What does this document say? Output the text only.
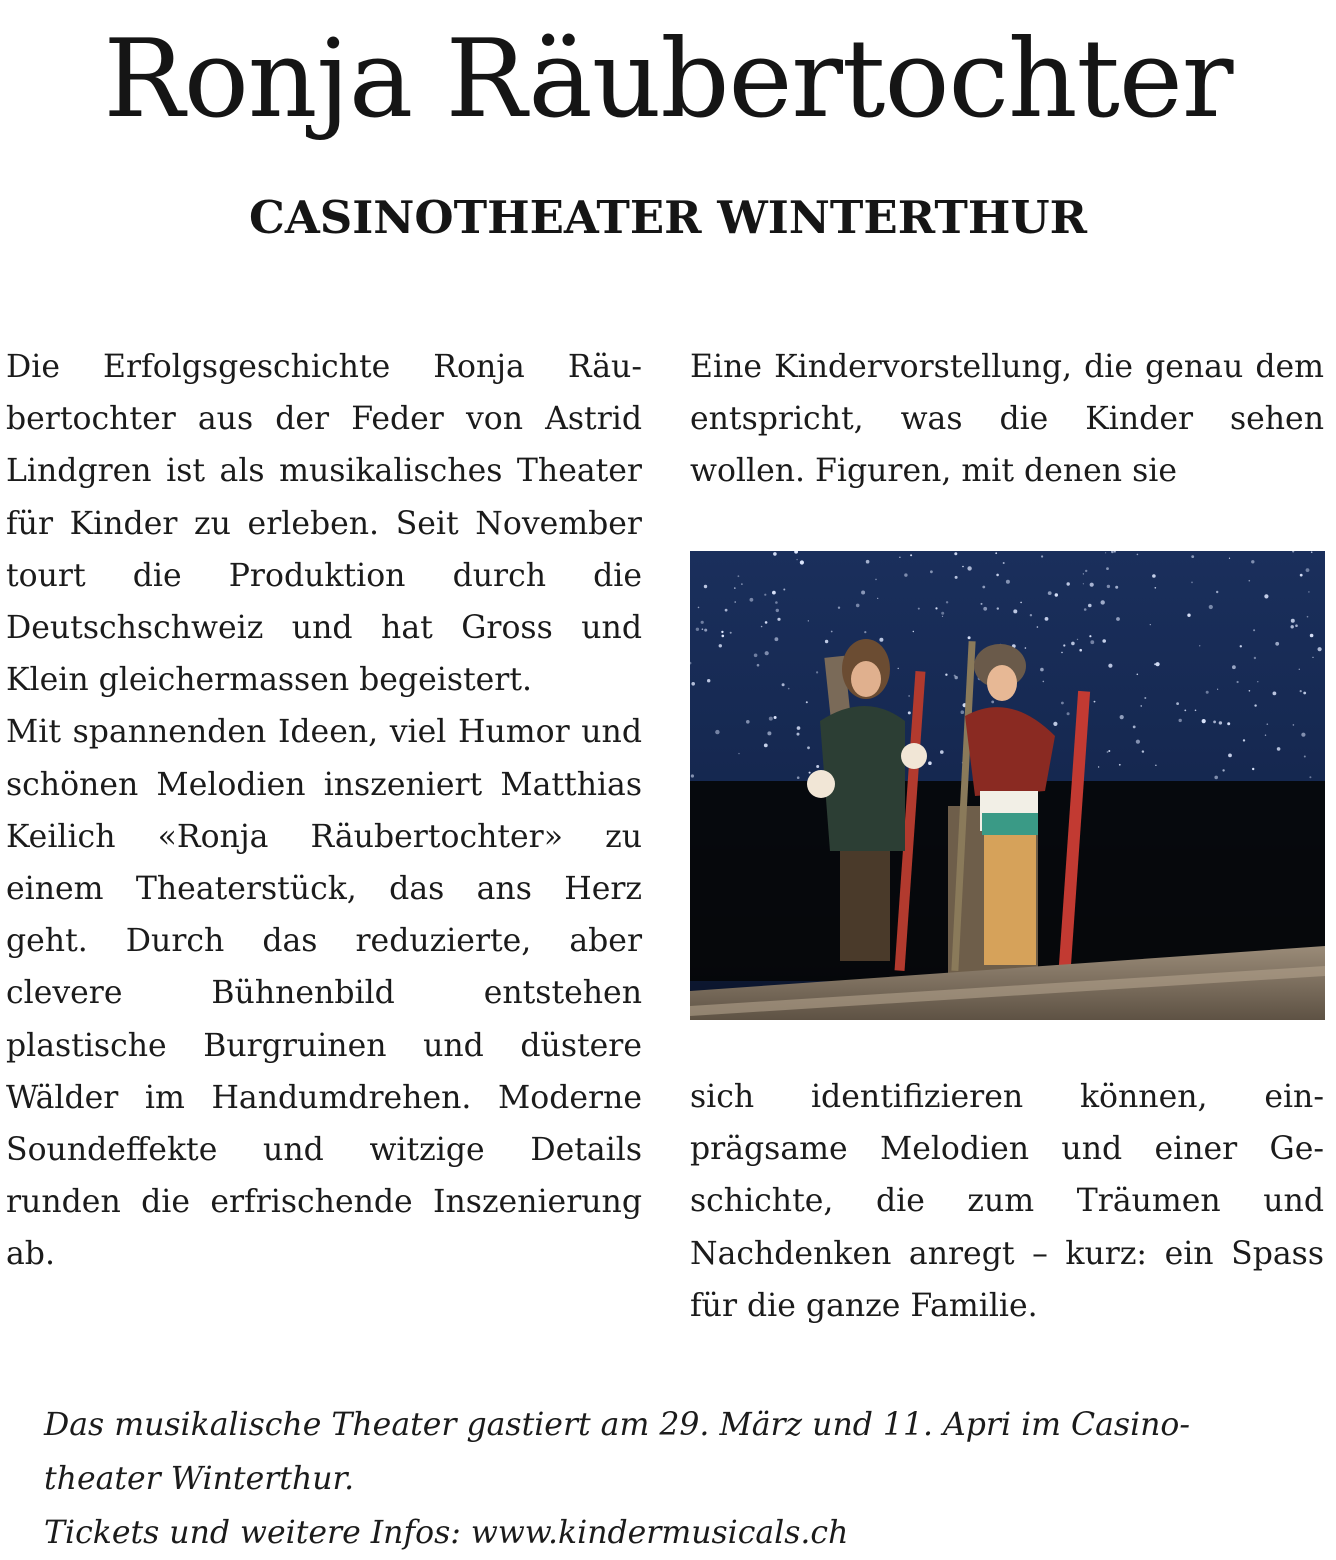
Ronja Räubertochter
CASINOTHEATER WINTERTHUR

Die Erfolgsgeschichte Ronja Räubertochter aus der Feder von Astrid Lindgren ist als musikalisches Theater für Kinder zu erleben. Seit November tourt die Produktion durch die Deutschschweiz und hat Gross und Klein gleichermassen begeistert.

Mit spannenden Ideen, viel Humor und schönen Melodien inszeniert Matthias Keilich «Ronja Räubertochter» zu einem Theaterstück, das ans Herz geht. Durch das reduzierte, aber clevere Bühnenbild entstehen plastische Burgruinen und düstere Wälder im Handumdrehen. Moderne Soundeffekte und witzige Details runden die erfrischende Inszenierung ab.

Eine Kindervorstellung, die genau dem entspricht, was die Kinder sehen wollen. Figuren, mit denen sie

sich identifizieren können, einprägsame Melodien und einer Geschichte, die zum Träumen und Nachdenken anregt – kurz: ein Spass für die ganze Familie.

Das musikalische Theater gastiert am 29. März und 11. Apri im Casinotheater Winterthur.

Tickets und weitere Infos: www.kindermusicals.ch
